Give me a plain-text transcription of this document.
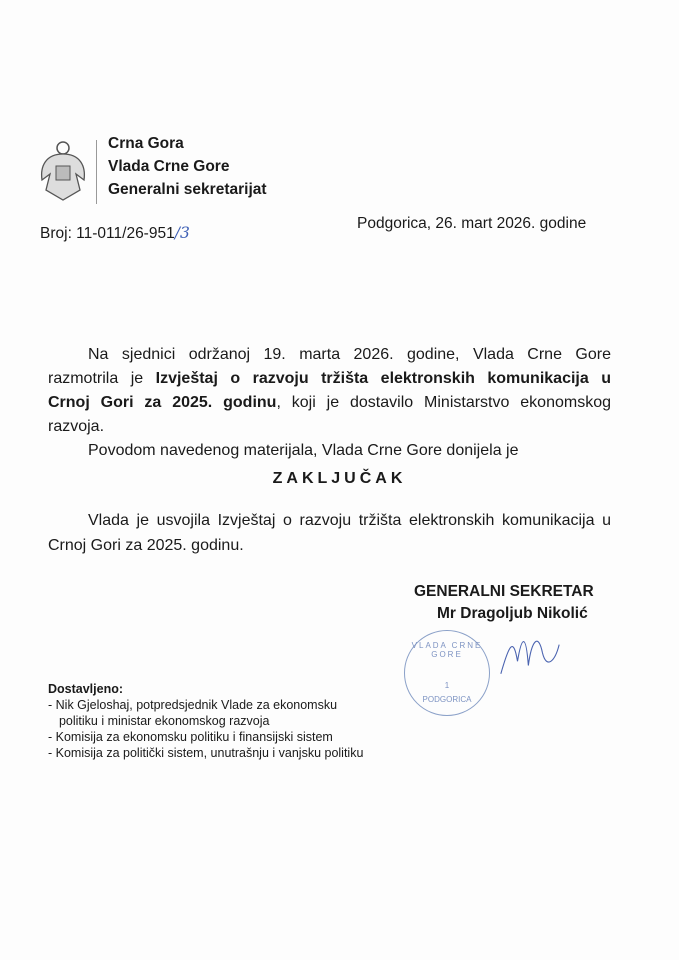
Crna Gora
Vlada Crne Gore
Generalni sekretarijat
Broj: 11-011/26-951/3
Podgorica, 26. mart 2026. godine
Na sjednici održanoj 19. marta 2026. godine, Vlada Crne Gore
razmotrila je Izvještaj o razvoju tržišta elektronskih komunikacija u
Crnoj Gori za 2025. godinu, koji je dostavilo Ministarstvo ekonomskog
razvoja.
Povodom navedenog materijala, Vlada Crne Gore donijela je
ZAKLJUČAK
Vlada je usvojila Izvještaj o razvoju tržišta elektronskih komunikacija u
Crnoj Gori za 2025. godinu.
GENERALNI SEKRETAR
Mr Dragoljub Nikolić
VLADA CRNE GORE
1
PODGORICA
Dostavljeno:
- Nik Gjeloshaj, potpredsjednik Vlade za ekonomsku
politiku i ministar ekonomskog razvoja
- Komisija za ekonomsku politiku i finansijski sistem
- Komisija za politički sistem, unutrašnju i vanjsku politiku
